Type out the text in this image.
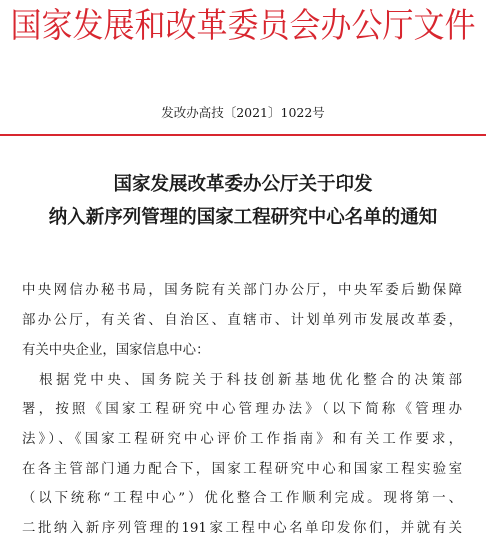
国家发展和改革委员会办公厅文件
发改办高技〔2021〕1022号
国家发展改革委办公厅关于印发
纳入新序列管理的国家工程研究中心名单的通知
中央网信办秘书局，国务院有关部门办公厅，中央军委后勤保障
部办公厅，有关省、自治区、直辖市、计划单列市发展改革委，
有关中央企业，国家信息中心：
　根据党中央、国务院关于科技创新基地优化整合的决策部
署，按照《国家工程研究中心管理办法》（以下简称《管理办
法》）、《国家工程研究中心评价工作指南》和有关工作要求，
在各主管部门通力配合下，国家工程研究中心和国家工程实验室
（以下统称“工程中心”）优化整合工作顺利完成。现将第一、
二批纳入新序列管理的191家工程中心名单印发你们，并就有关
